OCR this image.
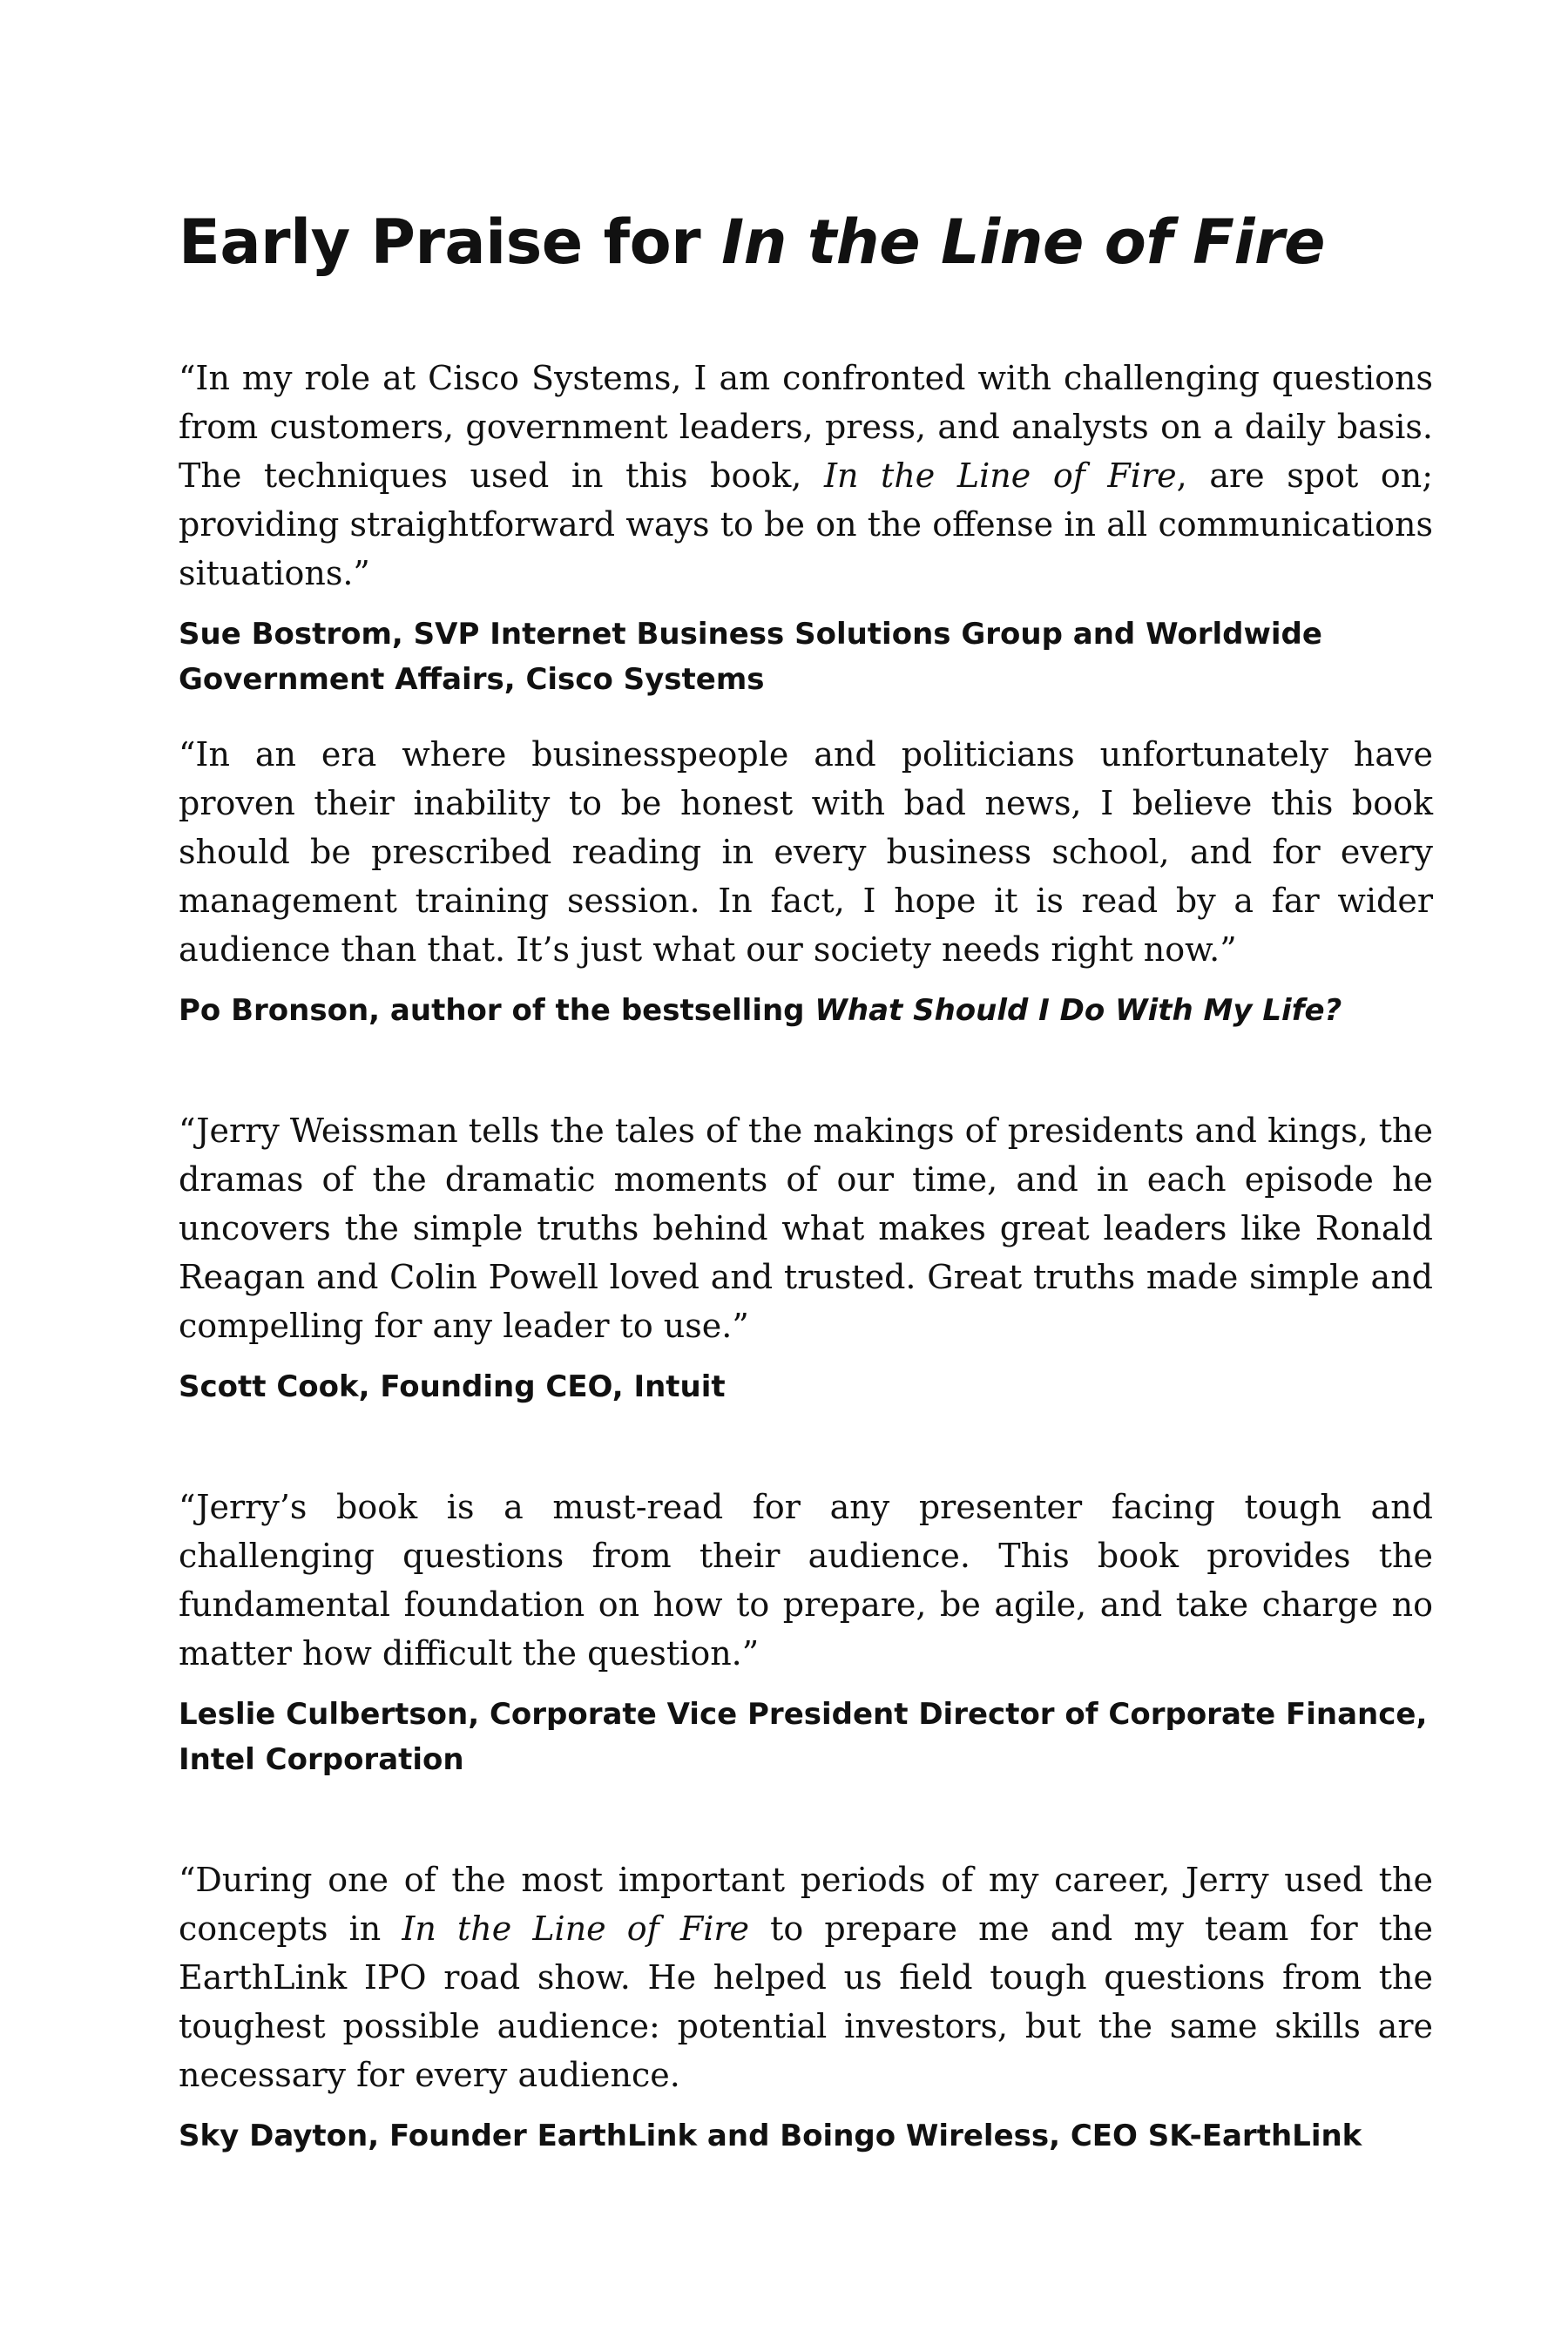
Early Praise for In the Line of Fire

“In my role at Cisco Systems, I am confronted with challenging questions from customers, government leaders, press, and analysts on a daily basis. The techniques used in this book, In the Line of Fire, are spot on; providing straightforward ways to be on the offense in all communications situations.”

Sue Bostrom, SVP Internet Business Solutions Group and Worldwide
Government Affairs, Cisco Systems

“In an era where businesspeople and politicians unfortunately have proven their inability to be honest with bad news, I believe this book should be prescribed reading in every business school, and for every management training session. In fact, I hope it is read by a far wider audience than that. It’s just what our society needs right now.”

Po Bronson, author of the bestselling What Should I Do With My Life?

“Jerry Weissman tells the tales of the makings of presidents and kings, the dramas of the dramatic moments of our time, and in each episode he uncovers the simple truths behind what makes great leaders like Ronald Reagan and Colin Powell loved and trusted. Great truths made simple and compelling for any leader to use.”

Scott Cook, Founding CEO, Intuit

“Jerry’s book is a must-read for any presenter facing tough and challenging questions from their audience. This book provides the fundamental foundation on how to prepare, be agile, and take charge no matter how difficult the question.”

Leslie Culbertson, Corporate Vice President Director of Corporate Finance,
Intel Corporation

“During one of the most important periods of my career, Jerry used the concepts in In the Line of Fire to prepare me and my team for the EarthLink IPO road show. He helped us field tough questions from the toughest possible audience: potential investors, but the same skills are necessary for every audience.

Sky Dayton, Founder EarthLink and Boingo Wireless, CEO SK-EarthLink
